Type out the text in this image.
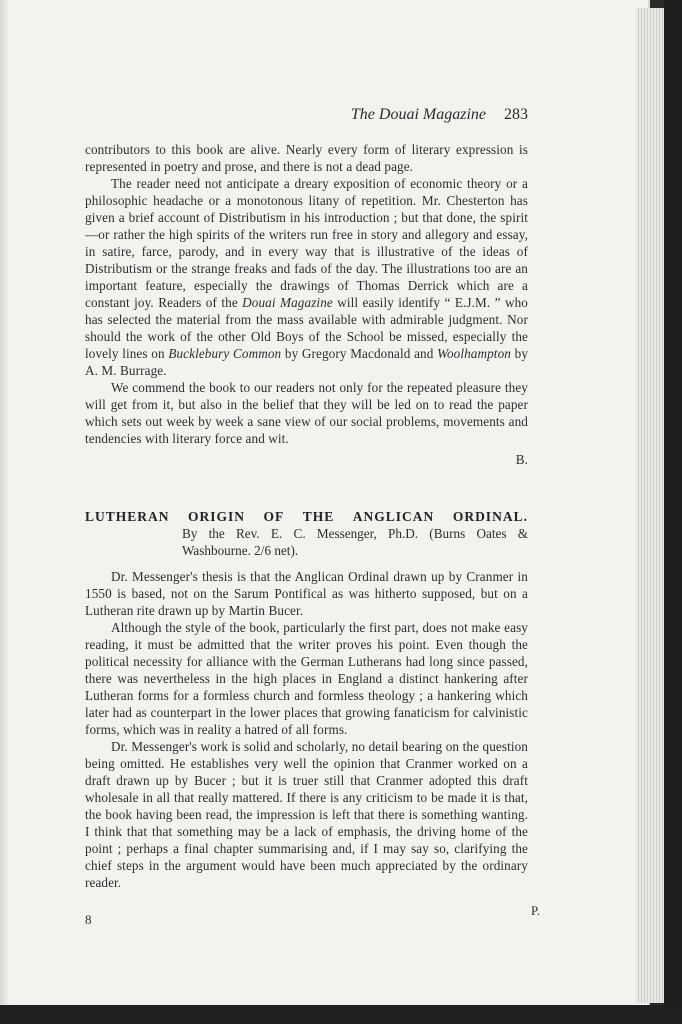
The Douai Magazine 283

contributors to this book are alive. Nearly every form of literary expression is represented in poetry and prose, and there is not a dead page.

The reader need not anticipate a dreary exposition of economic theory or a philosophic headache or a monotonous litany of repetition. Mr. Chesterton has given a brief account of Distributism in his introduction ; but that done, the spirit—or rather the high spirits of the writers run free in story and allegory and essay, in satire, farce, parody, and in every way that is illustrative of the ideas of Distributism or the strange freaks and fads of the day. The illustrations too are an important feature, especially the drawings of Thomas Derrick which are a constant joy. Readers of the Douai Magazine will easily identify “ E.J.M. ” who has selected the material from the mass available with admirable judgment. Nor should the work of the other Old Boys of the School be missed, especially the lovely lines on Bucklebury Common by Gregory Macdonald and Woolhampton by A. M. Burrage.

We commend the book to our readers not only for the repeated pleasure they will get from it, but also in the belief that they will be led on to read the paper which sets out week by week a sane view of our social problems, movements and tendencies with literary force and wit.

B.
LUTHERAN ORIGIN OF THE ANGLICAN ORDINAL.
By the Rev. E. C. Messenger, Ph.D. (Burns Oates & Washbourne. 2/6 net).

Dr. Messenger's thesis is that the Anglican Ordinal drawn up by Cranmer in 1550 is based, not on the Sarum Pontifical as was hitherto supposed, but on a Lutheran rite drawn up by Martin Bucer.

Although the style of the book, particularly the first part, does not make easy reading, it must be admitted that the writer proves his point. Even though the political necessity for alliance with the German Lutherans had long since passed, there was nevertheless in the high places in England a distinct hankering after Lutheran forms for a formless church and formless theology ; a hankering which later had as counterpart in the lower places that growing fanaticism for calvinistic forms, which was in reality a hatred of all forms.

Dr. Messenger's work is solid and scholarly, no detail bearing on the question being omitted. He establishes very well the opinion that Cranmer worked on a draft drawn up by Bucer ; but it is truer still that Cranmer adopted this draft wholesale in all that really mattered. If there is any criticism to be made it is that, the book having been read, the impression is left that there is something wanting. I think that that something may be a lack of emphasis, the driving home of the point ; perhaps a final chapter summarising and, if I may say so, clarifying the chief steps in the argument would have been much appreciated by the ordinary reader.

P.
8
